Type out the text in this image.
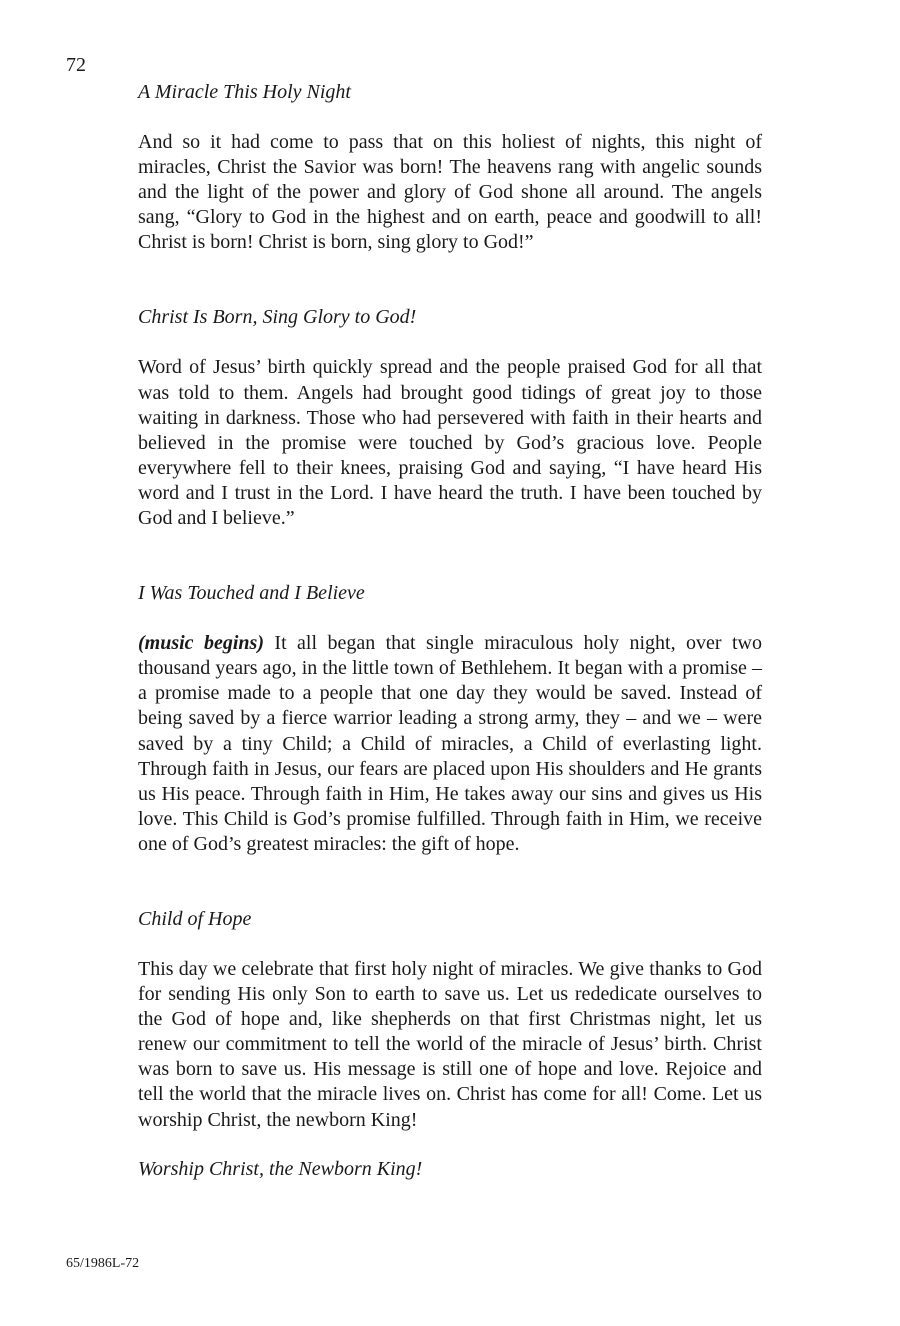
72

A Miracle This Holy Night

And so it had come to pass that on this holiest of nights, this night of miracles, Christ the Savior was born! The heavens rang with angelic sounds and the light of the power and glory of God shone all around. The angels sang, “Glory to God in the highest and on earth, peace and goodwill to all! Christ is born! Christ is born, sing glory to God!”

Christ Is Born, Sing Glory to God!

Word of Jesus’ birth quickly spread and the people praised God for all that was told to them. Angels had brought good tidings of great joy to those waiting in darkness. Those who had persevered with faith in their hearts and believed in the promise were touched by God’s gracious love. People everywhere fell to their knees, praising God and saying, “I have heard His word and I trust in the Lord. I have heard the truth. I have been touched by God and I believe.”

I Was Touched and I Believe

(music begins) It all began that single miraculous holy night, over two thousand years ago, in the little town of Bethlehem. It began with a promise – a promise made to a people that one day they would be saved. Instead of being saved by a fierce warrior leading a strong army, they – and we – were saved by a tiny Child; a Child of miracles, a Child of everlasting light. Through faith in Jesus, our fears are placed upon His shoulders and He grants us His peace. Through faith in Him, He takes away our sins and gives us His love. This Child is God’s promise fulfilled. Through faith in Him, we receive one of God’s greatest miracles: the gift of hope.

Child of Hope

This day we celebrate that first holy night of miracles. We give thanks to God for sending His only Son to earth to save us. Let us rededicate ourselves to the God of hope and, like shepherds on that first Christmas night, let us renew our commitment to tell the world of the miracle of Jesus’ birth. Christ was born to save us. His message is still one of hope and love. Rejoice and tell the world that the miracle lives on. Christ has come for all! Come. Let us worship Christ, the newborn King!

Worship Christ, the Newborn King!

65/1986L-72
